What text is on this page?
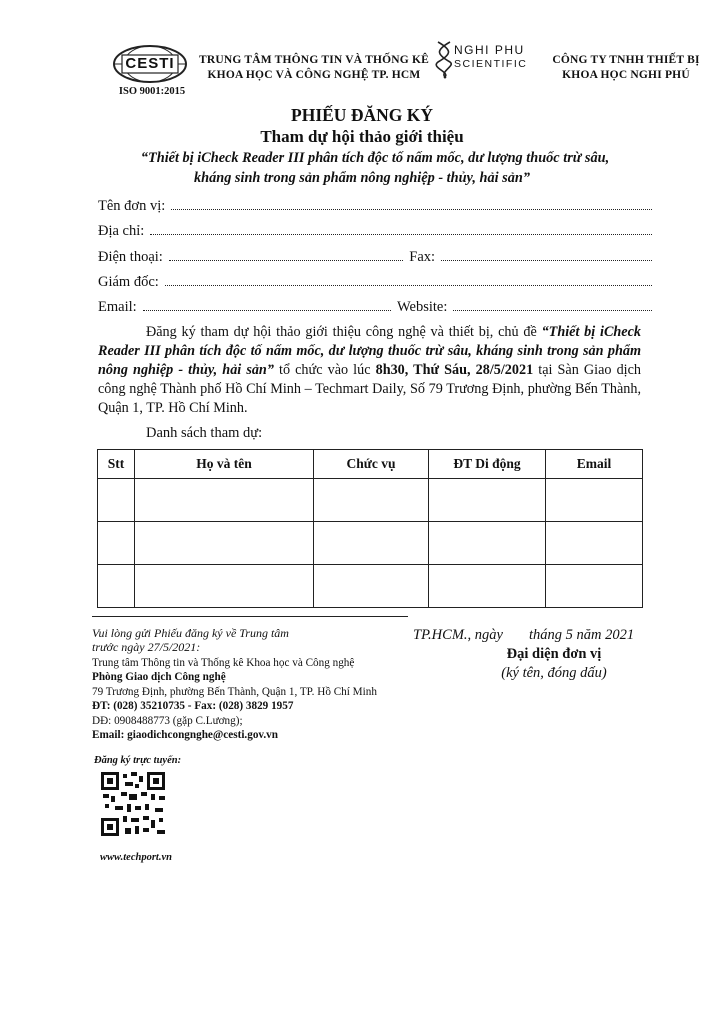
CESTI
ISO 9001:2015
TRUNG TÂM THÔNG TIN VÀ THỐNG KÊ
KHOA HỌC VÀ CÔNG NGHỆ TP. HCM
NGHI PHU
SCIENTIFIC	CÔNG TY TNHH THIẾT BỊ
KHOA HỌC NGHI PHÚ
PHIẾU ĐĂNG KÝ
Tham dự hội thảo giới thiệu
“Thiết bị iCheck Reader III phân tích độc tố nấm mốc, dư lượng thuốc trừ sâu,
kháng sinh trong sản phẩm nông nghiệp - thủy, hải sản”
Tên đơn vị:
Địa chỉ:
Điện thoại:	Fax:
Giám đốc:
Email:	Website:
Đăng ký tham dự hội thảo giới thiệu công nghệ và thiết bị, chủ đề “Thiết bị iCheck Reader III phân tích độc tố nấm mốc, dư lượng thuốc trừ sâu, kháng sinh trong sản phẩm nông nghiệp - thủy, hải sản” tổ chức vào lúc 8h30, Thứ Sáu, 28/5/2021 tại Sàn Giao dịch công nghệ Thành phố Hồ Chí Minh – Techmart Daily, Số 79 Trương Định, phường Bến Thành, Quận 1, TP. Hồ Chí Minh.
Danh sách tham dự:
Stt	Họ và tên	Chức vụ	ĐT Di động	Email

Vui lòng gửi Phiếu đăng ký về Trung tâm
trước ngày 27/5/2021:
Trung tâm Thông tin và Thống kê Khoa học và Công nghệ
Phòng Giao dịch Công nghệ
79 Trương Định, phường Bến Thành, Quận 1, TP. Hồ Chí Minh
ĐT: (028) 35210735 - Fax: (028) 3829 1957
DĐ: 0908488773 (gặp C.Lương);
Email: giaodichcongnghe@cesti.gov.vn
Đăng ký trực tuyến:
www.techport.vn
TP.HCM., ngày tháng 5 năm 2021
Đại diện đơn vị
(ký tên, đóng dấu)
